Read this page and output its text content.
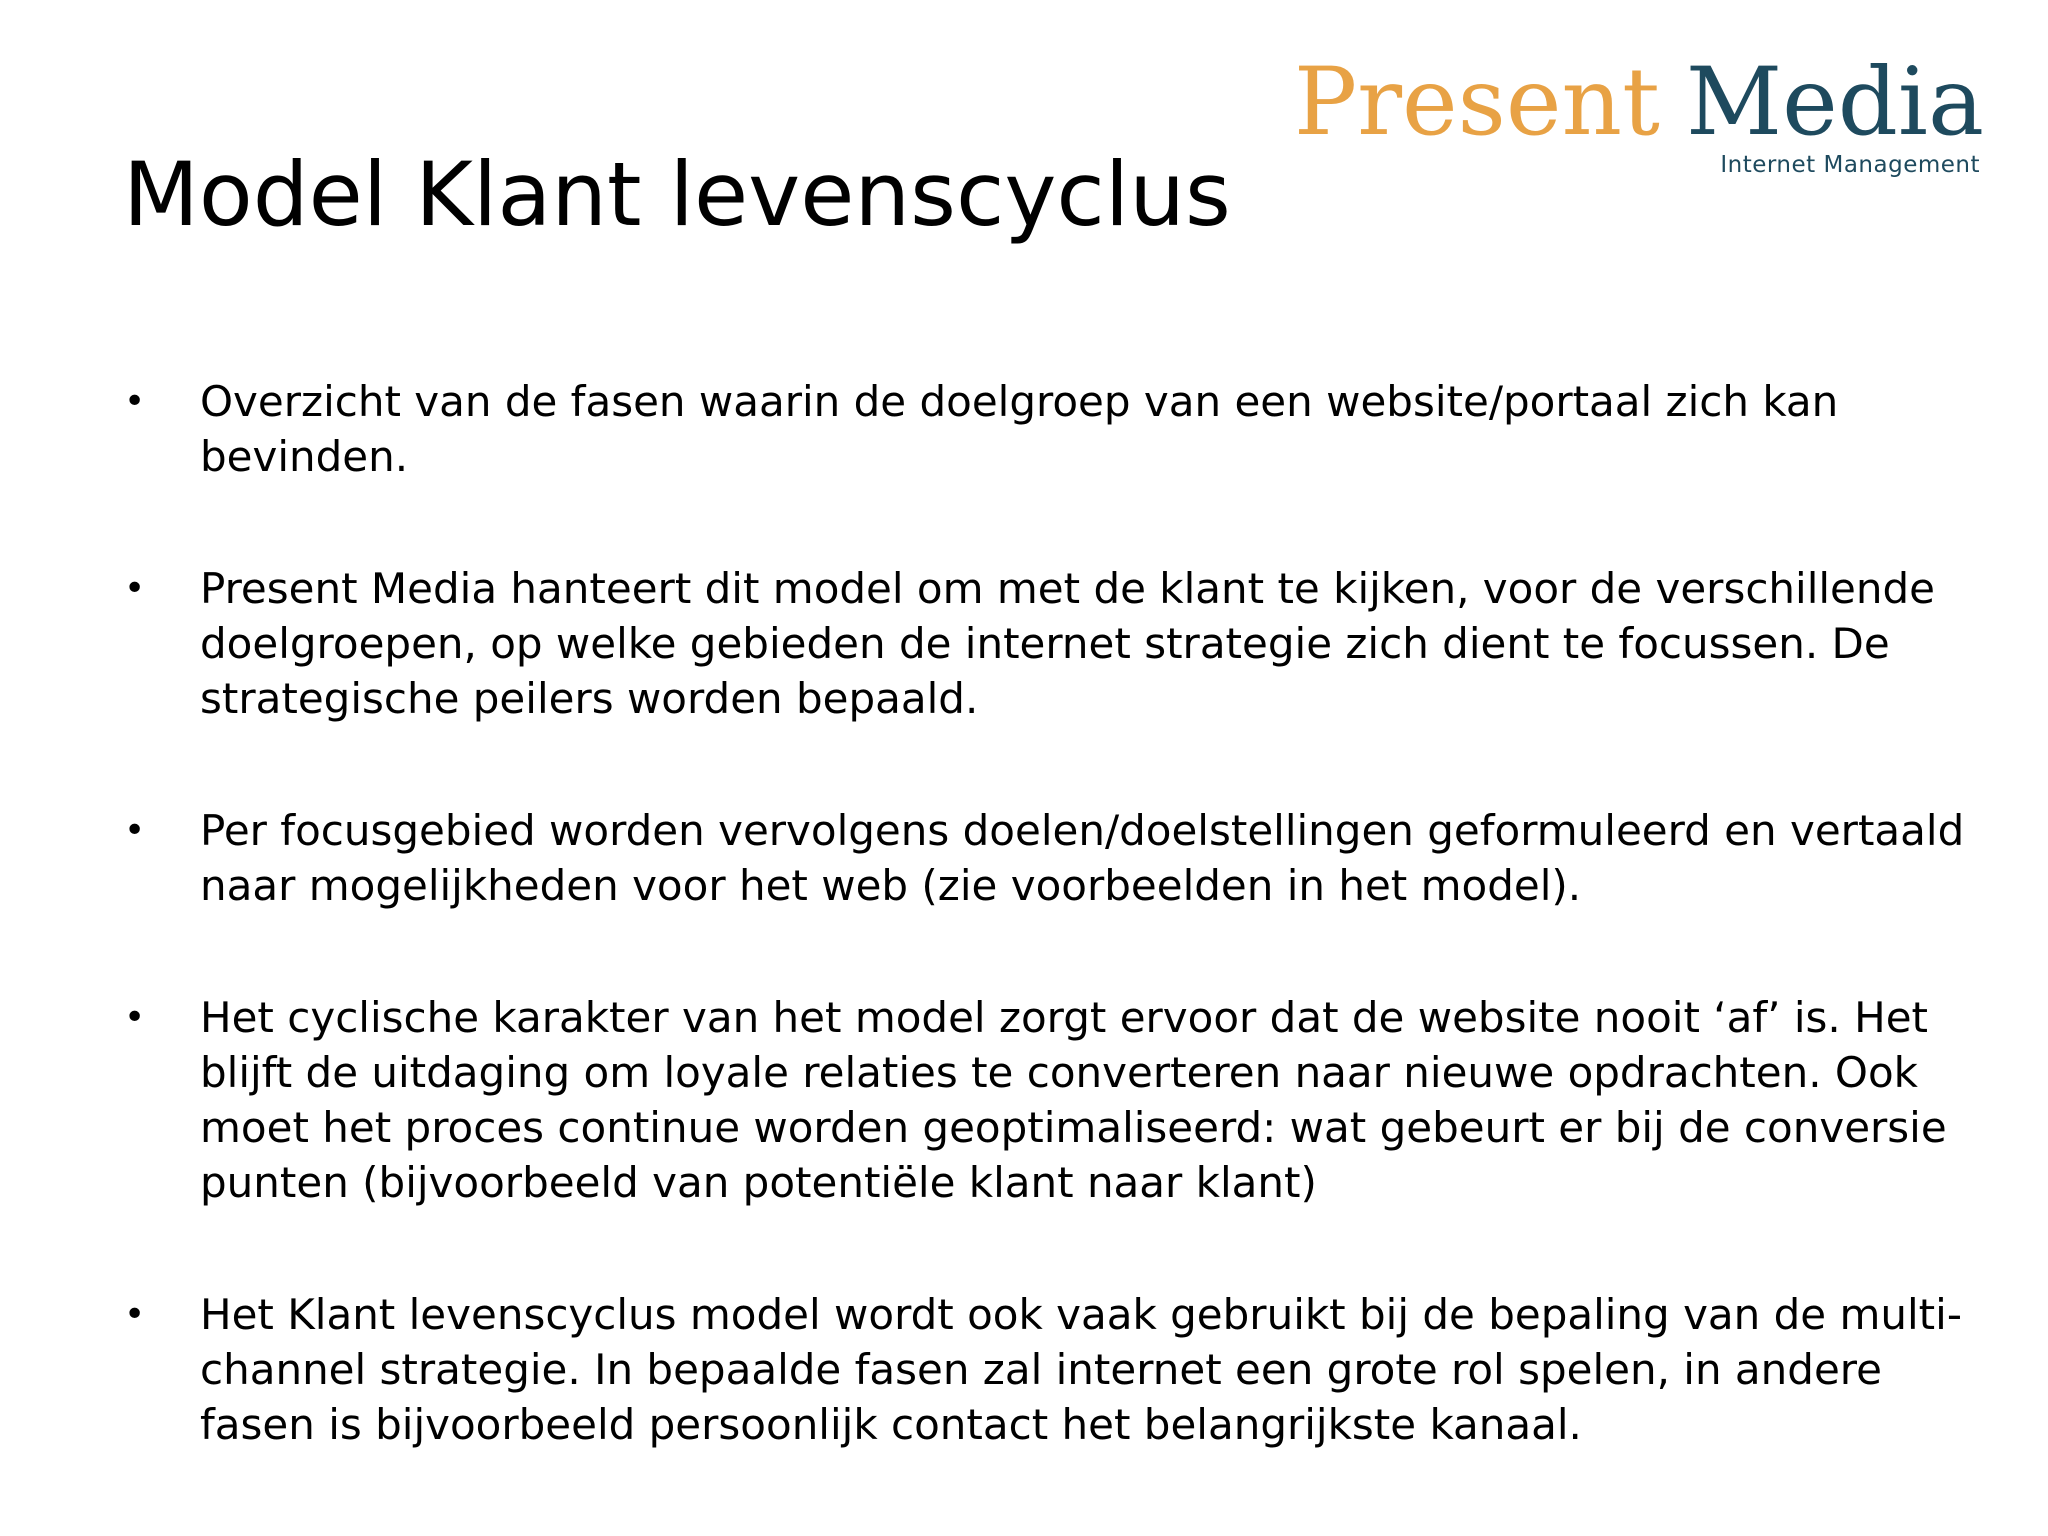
Present Media
Internet Management
Model Klant levenscyclus
• Overzicht van de fasen waarin de doelgroep van een website/portaal zich kan bevinden.
• Present Media hanteert dit model om met de klant te kijken, voor de verschillende doelgroepen, op welke gebieden de internet strategie zich dient te focussen. De strategische peilers worden bepaald.
• Per focusgebied worden vervolgens doelen/doelstellingen geformuleerd en vertaald naar mogelijkheden voor het web (zie voorbeelden in het model).
• Het cyclische karakter van het model zorgt ervoor dat de website nooit ‘af’ is. Het blijft de uitdaging om loyale relaties te converteren naar nieuwe opdrachten. Ook moet het proces continue worden geoptimaliseerd: wat gebeurt er bij de conversie punten (bijvoorbeeld van potentiële klant naar klant)
• Het Klant levenscyclus model wordt ook vaak gebruikt bij de bepaling van de multi-channel strategie. In bepaalde fasen zal internet een grote rol spelen, in andere fasen is bijvoorbeeld persoonlijk contact het belangrijkste kanaal.
